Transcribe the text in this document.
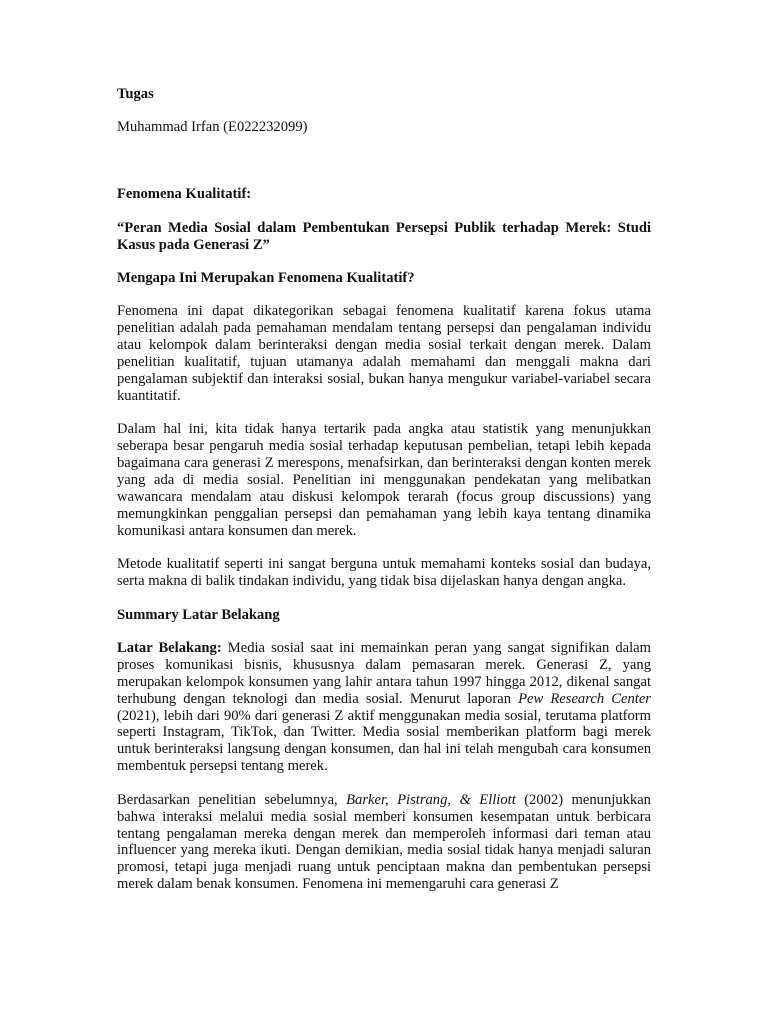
Tugas

Muhammad Irfan (E022232099)

Fenomena Kualitatif:

“Peran Media Sosial dalam Pembentukan Persepsi Publik terhadap Merek: Studi Kasus pada Generasi Z”

Mengapa Ini Merupakan Fenomena Kualitatif?

Fenomena ini dapat dikategorikan sebagai fenomena kualitatif karena fokus utama penelitian adalah pada pemahaman mendalam tentang persepsi dan pengalaman individu atau kelompok dalam berinteraksi dengan media sosial terkait dengan merek. Dalam penelitian kualitatif, tujuan utamanya adalah memahami dan menggali makna dari pengalaman subjektif dan interaksi sosial, bukan hanya mengukur variabel-variabel secara kuantitatif.

Dalam hal ini, kita tidak hanya tertarik pada angka atau statistik yang menunjukkan seberapa besar pengaruh media sosial terhadap keputusan pembelian, tetapi lebih kepada bagaimana cara generasi Z merespons, menafsirkan, dan berinteraksi dengan konten merek yang ada di media sosial. Penelitian ini menggunakan pendekatan yang melibatkan wawancara mendalam atau diskusi kelompok terarah (focus group discussions) yang memungkinkan penggalian persepsi dan pemahaman yang lebih kaya tentang dinamika komunikasi antara konsumen dan merek.

Metode kualitatif seperti ini sangat berguna untuk memahami konteks sosial dan budaya, serta makna di balik tindakan individu, yang tidak bisa dijelaskan hanya dengan angka.

Summary Latar Belakang

Latar Belakang: Media sosial saat ini memainkan peran yang sangat signifikan dalam proses komunikasi bisnis, khususnya dalam pemasaran merek. Generasi Z, yang merupakan kelompok konsumen yang lahir antara tahun 1997 hingga 2012, dikenal sangat terhubung dengan teknologi dan media sosial. Menurut laporan Pew Research Center (2021), lebih dari 90% dari generasi Z aktif menggunakan media sosial, terutama platform seperti Instagram, TikTok, dan Twitter. Media sosial memberikan platform bagi merek untuk berinteraksi langsung dengan konsumen, dan hal ini telah mengubah cara konsumen membentuk persepsi tentang merek.

Berdasarkan penelitian sebelumnya, Barker, Pistrang, & Elliott (2002) menunjukkan bahwa interaksi melalui media sosial memberi konsumen kesempatan untuk berbicara tentang pengalaman mereka dengan merek dan memperoleh informasi dari teman atau influencer yang mereka ikuti. Dengan demikian, media sosial tidak hanya menjadi saluran promosi, tetapi juga menjadi ruang untuk penciptaan makna dan pembentukan persepsi merek dalam benak konsumen. Fenomena ini memengaruhi cara generasi Z
